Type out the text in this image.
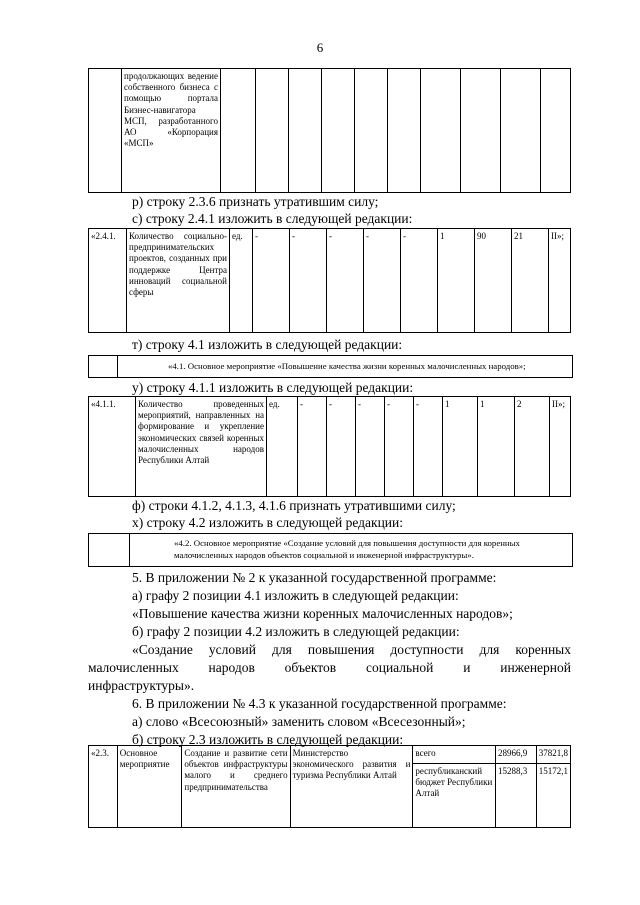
6
	продолжающих ведение собственного бизнеса с помощью портала Бизнес-навигатора МСП, разработанного АО «Корпорация «МСП»										
р) строку 2.3.6 признать утратившим силу;
с) строку 2.4.1 изложить в следующей редакции:
«2.4.1.	Количество социально-предпринимательских проектов, созданных при поддержке Центра инноваций социальной сферы	ед.	-	-	-	-	-	1	90	21	II»;
т) строку 4.1 изложить в следующей редакции:
«4.1. Основное мероприятие «Повышение качества жизни коренных малочисленных народов»;
у) строку 4.1.1 изложить в следующей редакции:
«4.1.1.	Количество проведенных мероприятий, направленных на формирование и укрепление экономических связей коренных малочисленных народов Республики Алтай	ед.	-	-	-	-	-	1	1	2	II»;
ф) строки 4.1.2, 4.1.3, 4.1.6 признать утратившими силу;
х) строку 4.2 изложить в следующей редакции:
«4.2. Основное мероприятие «Создание условий для повышения доступности для коренных
малочисленных народов объектов социальной и инженерной инфраструктуры».
5. В приложении № 2 к указанной государственной программе:
а) графу 2 позиции 4.1 изложить в следующей редакции:
«Повышение качества жизни коренных малочисленных народов»;
б) графу 2 позиции 4.2 изложить в следующей редакции:
«Создание условий для повышения доступности для коренных
малочисленных народов объектов социальной и инженерной
инфраструктуры».
6. В приложении № 4.3 к указанной государственной программе:
а) слово «Всесоюзный» заменить словом «Всесезонный»;
б) строку 2.3 изложить в следующей редакции:
«2.3.	Основное мероприятие	Создание и развитие сети объектов инфраструктуры малого и среднего предпринимательства	Министерство экономического развития и туризма Республики Алтай	всего	28966,9	37821,8
				республиканский бюджет Республики Алтай	15288,3	15172,1
